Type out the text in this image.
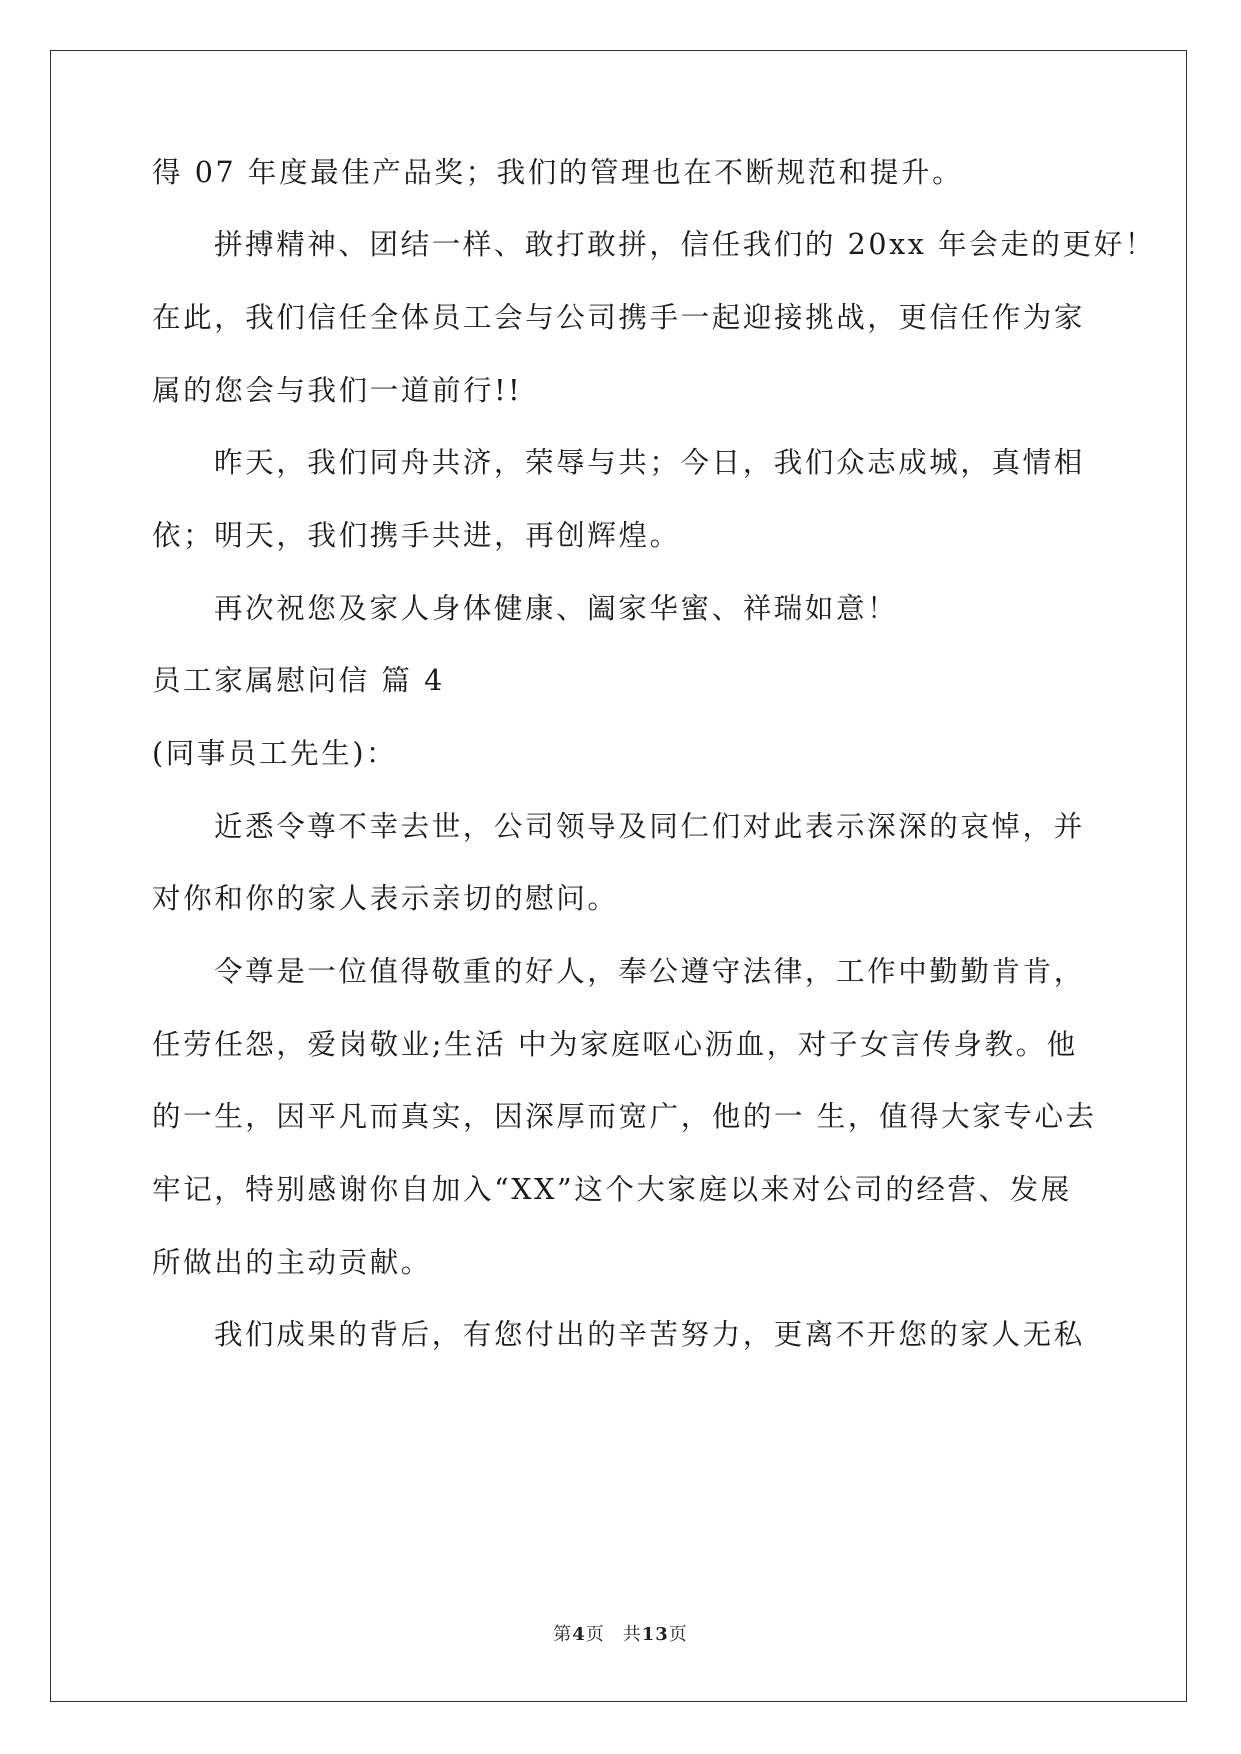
得 07 年度最佳产品奖；我们的管理也在不断规范和提升。
拼搏精神、团结一样、敢打敢拼，信任我们的 20xx 年会走的更好！
在此，我们信任全体员工会与公司携手一起迎接挑战，更信任作为家
属的您会与我们一道前行!!
昨天，我们同舟共济，荣辱与共；今日，我们众志成城，真情相
依；明天，我们携手共进，再创辉煌。
再次祝您及家人身体健康、阖家华蜜、祥瑞如意！
员工家属慰问信 篇 4
(同事员工先生)：
近悉令尊不幸去世，公司领导及同仁们对此表示深深的哀悼，并
对你和你的家人表示亲切的慰问。
令尊是一位值得敬重的好人，奉公遵守法律，工作中勤勤肯肯，
任劳任怨，爱岗敬业;生活 中为家庭呕心沥血，对子女言传身教。他
的一生，因平凡而真实，因深厚而宽广，他的一 生，值得大家专心去
牢记，特别感谢你自加入“XX”这个大家庭以来对公司的经营、发展
所做出的主动贡献。
我们成果的背后，有您付出的辛苦努力，更离不开您的家人无私
第4页 共13页
